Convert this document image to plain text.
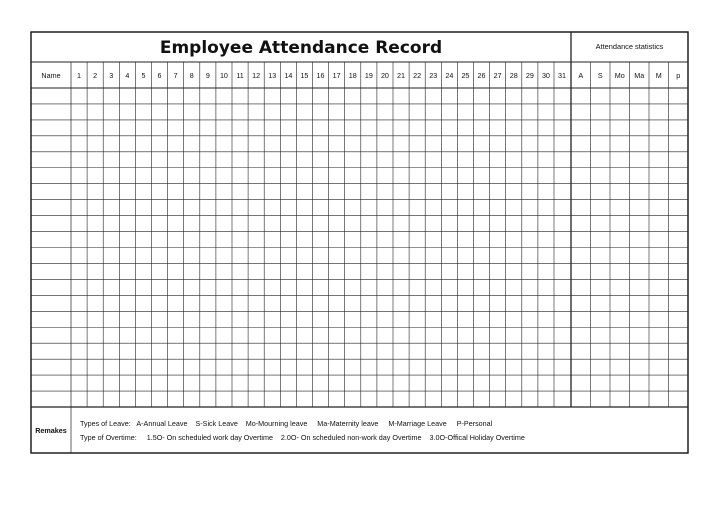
Employee Attendance Record	Attendance statistics
Name
Remakes
Types of Leave:   A-Annual Leave    S-Sick Leave    Mo-Mourning leave     Ma-Maternity leave     M-Marriage Leave     P-Personal
Type of Overtime:     1.5O- On scheduled work day Overtime    2.0O- On scheduled non-work day Overtime    3.0O-Offical Holiday Overtime
1 2 3 4 5 6 7 8 9 10 11 12 13 14 15 16 17 18 19 20 21 22 23 24 25 26 27 28 29 30 31 A S Mo Ma M p
